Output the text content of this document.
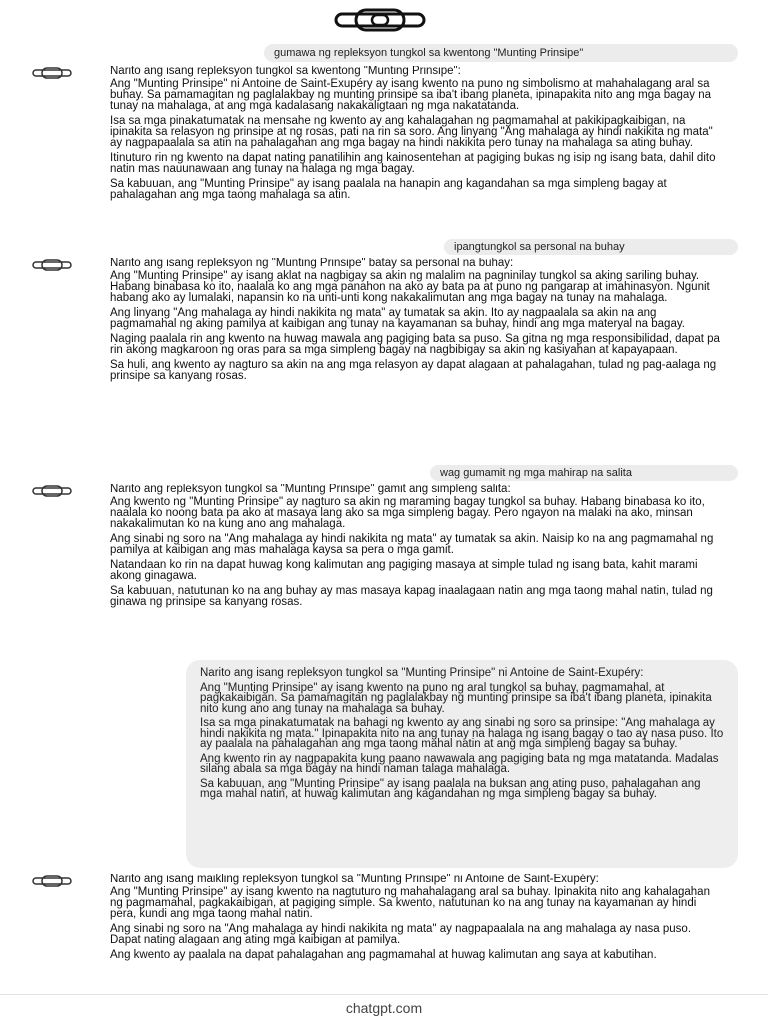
gumawa ng repleksyon tungkol sa kwentong "Munting Prinsipe"

Narito ang isang repleksyon tungkol sa kwentong "Munting Prinsipe":

Ang "Munting Prinsipe" ni Antoine de Saint-Exupéry ay isang kwento na puno ng simbolismo at mahahalagang aral sa buhay. Sa pamamagitan ng paglalakbay ng munting prinsipe sa iba't ibang planeta, ipinapakita nito ang mga bagay na tunay na mahalaga, at ang mga kadalasang nakakaligtaan ng mga nakatatanda.

Isa sa mga pinakatumatak na mensahe ng kwento ay ang kahalagahan ng pagmamahal at pakikipagkaibigan, na ipinakita sa relasyon ng prinsipe at ng rosas, pati na rin sa soro. Ang linyang "Ang mahalaga ay hindi nakikita ng mata" ay nagpapaalala sa atin na pahalagahan ang mga bagay na hindi nakikita pero tunay na mahalaga sa ating buhay.

Itinuturo rin ng kwento na dapat nating panatilihin ang kainosentehan at pagiging bukas ng isip ng isang bata, dahil dito natin mas nauunawaan ang tunay na halaga ng mga bagay.

Sa kabuuan, ang "Munting Prinsipe" ay isang paalala na hanapin ang kagandahan sa mga simpleng bagay at pahalagahan ang mga taong mahalaga sa atin.

ipangtungkol sa personal na buhay

Narito ang isang repleksyon ng "Munting Prinsipe" batay sa personal na buhay:

Ang "Munting Prinsipe" ay isang aklat na nagbigay sa akin ng malalim na pagninilay tungkol sa aking sariling buhay. Habang binabasa ko ito, naalala ko ang mga panahon na ako ay bata pa at puno ng pangarap at imahinasyon. Ngunit habang ako ay lumalaki, napansin ko na unti-unti kong nakakalimutan ang mga bagay na tunay na mahalaga.

Ang linyang "Ang mahalaga ay hindi nakikita ng mata" ay tumatak sa akin. Ito ay nagpaalala sa akin na ang pagmamahal ng aking pamilya at kaibigan ang tunay na kayamanan sa buhay, hindi ang mga materyal na bagay.

Naging paalala rin ang kwento na huwag mawala ang pagiging bata sa puso. Sa gitna ng mga responsibilidad, dapat pa rin akong magkaroon ng oras para sa mga simpleng bagay na nagbibigay sa akin ng kasiyahan at kapayapaan.

Sa huli, ang kwento ay nagturo sa akin na ang mga relasyon ay dapat alagaan at pahalagahan, tulad ng pag-aalaga ng prinsipe sa kanyang rosas.

wag gumamit ng mga mahirap na salita

Narito ang repleksyon tungkol sa "Munting Prinsipe" gamit ang simpleng salita:

Ang kwento ng "Munting Prinsipe" ay nagturo sa akin ng maraming bagay tungkol sa buhay. Habang binabasa ko ito, naalala ko noong bata pa ako at masaya lang ako sa mga simpleng bagay. Pero ngayon na malaki na ako, minsan nakakalimutan ko na kung ano ang mahalaga.

Ang sinabi ng soro na "Ang mahalaga ay hindi nakikita ng mata" ay tumatak sa akin. Naisip ko na ang pagmamahal ng pamilya at kaibigan ang mas mahalaga kaysa sa pera o mga gamit.

Natandaan ko rin na dapat huwag kong kalimutan ang pagiging masaya at simple tulad ng isang bata, kahit marami akong ginagawa.

Sa kabuuan, natutunan ko na ang buhay ay mas masaya kapag inaalagaan natin ang mga taong mahal natin, tulad ng ginawa ng prinsipe sa kanyang rosas.

Narito ang isang repleksyon tungkol sa "Munting Prinsipe" ni Antoine de Saint-Exupéry:

Ang "Munting Prinsipe" ay isang kwento na puno ng aral tungkol sa buhay, pagmamahal, at pagkakaibigan. Sa pamamagitan ng paglalakbay ng munting prinsipe sa iba't ibang planeta, ipinakita nito kung ano ang tunay na mahalaga sa buhay.

Isa sa mga pinakatumatak na bahagi ng kwento ay ang sinabi ng soro sa prinsipe: "Ang mahalaga ay hindi nakikita ng mata." Ipinapakita nito na ang tunay na halaga ng isang bagay o tao ay nasa puso. Ito ay paalala na pahalagahan ang mga taong mahal natin at ang mga simpleng bagay sa buhay.

Ang kwento rin ay nagpapakita kung paano nawawala ang pagiging bata ng mga matatanda. Madalas silang abala sa mga bagay na hindi naman talaga mahalaga.

Sa kabuuan, ang "Munting Prinsipe" ay isang paalala na buksan ang ating puso, pahalagahan ang mga mahal natin, at huwag kalimutan ang kagandahan ng mga simpleng bagay sa buhay.

Narito ang isang maikling repleksyon tungkol sa "Munting Prinsipe" ni Antoine de Saint-Exupéry:

Ang "Munting Prinsipe" ay isang kwento na nagtuturo ng mahahalagang aral sa buhay. Ipinakita nito ang kahalagahan ng pagmamahal, pagkakaibigan, at pagiging simple. Sa kwento, natutunan ko na ang tunay na kayamanan ay hindi pera, kundi ang mga taong mahal natin.

Ang sinabi ng soro na "Ang mahalaga ay hindi nakikita ng mata" ay nagpapaalala na ang mahalaga ay nasa puso. Dapat nating alagaan ang ating mga kaibigan at pamilya.

Ang kwento ay paalala na dapat pahalagahan ang pagmamahal at huwag kalimutan ang saya at kabutihan.

chatgpt.com
